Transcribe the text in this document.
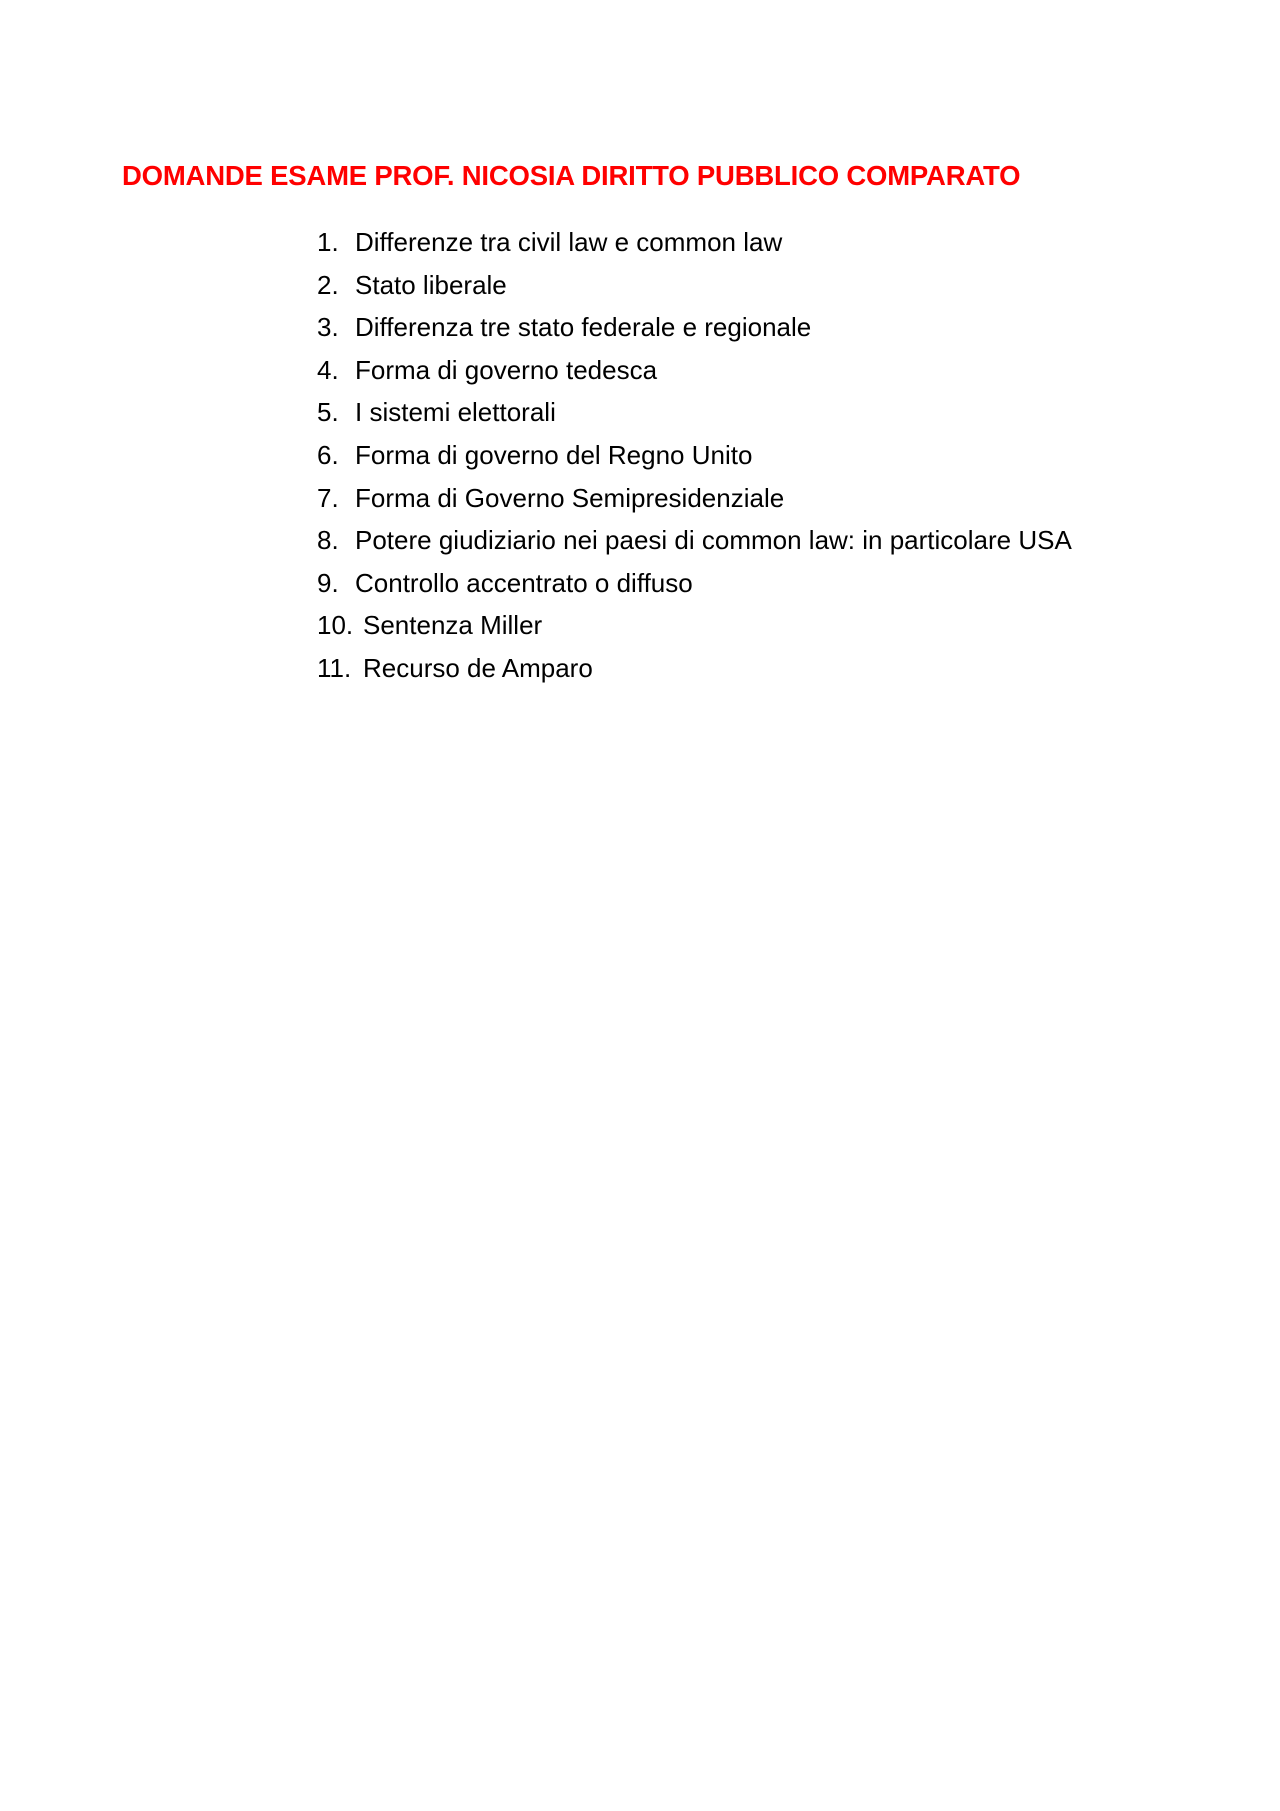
DOMANDE ESAME PROF. NICOSIA DIRITTO PUBBLICO COMPARATO
1. Differenze tra civil law e common law
2. Stato liberale
3. Differenza tre stato federale e regionale
4. Forma di governo tedesca
5. I sistemi elettorali
6. Forma di governo del Regno Unito
7. Forma di Governo Semipresidenziale
8. Potere giudiziario nei paesi di common law: in particolare USA
9. Controllo accentrato o diffuso
10. Sentenza Miller
11. Recurso de Amparo
